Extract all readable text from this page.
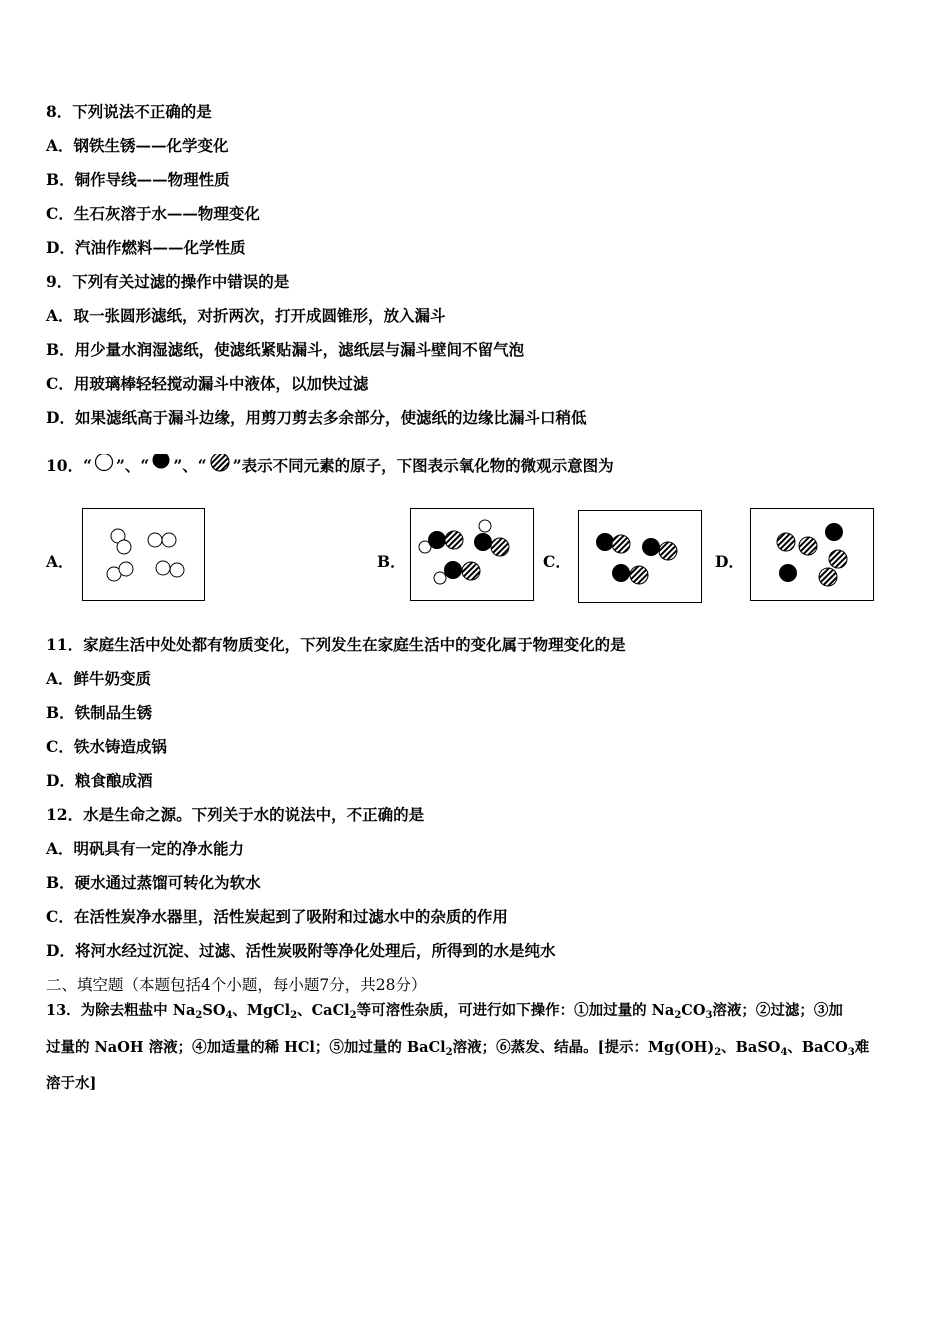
8．下列说法不正确的是
A．钢铁生锈——化学变化
B．铜作导线——物理性质
C．生石灰溶于水——物理变化
D．汽油作燃料——化学性质
9．下列有关过滤的操作中错误的是
A．取一张圆形滤纸，对折两次，打开成圆锥形，放入漏斗
B．用少量水润湿滤纸，使滤纸紧贴漏斗，滤纸层与漏斗壁间不留气泡
C．用玻璃棒轻轻搅动漏斗中液体，以加快过滤
D．如果滤纸高于漏斗边缘，用剪刀剪去多余部分，使滤纸的边缘比漏斗口稍低
10．“ ”、“ ”、“ ”表示不同元素的原子，下图表示氧化物的微观示意图为
A．	B．	C．	D．
11．家庭生活中处处都有物质变化，下列发生在家庭生活中的变化属于物理变化的是
A．鲜牛奶变质
B．铁制品生锈
C．铁水铸造成锅
D．粮食酿成酒
12．水是生命之源。下列关于水的说法中，不正确的是
A．明矾具有一定的净水能力
B．硬水通过蒸馏可转化为软水
C．在活性炭净水器里，活性炭起到了吸附和过滤水中的杂质的作用
D．将河水经过沉淀、过滤、活性炭吸附等净化处理后，所得到的水是纯水
二、填空题（本题包括4个小题，每小题7分，共28分）
13．为除去粗盐中 $Na_2SO_4$、MgCl$_2$、CaCl$_2$等可溶性杂质，可进行如下操作：①加过量的 $Na_2CO_3$溶液；②过滤；③加
过量的 NaOH 溶液；④加适量的稀 HCl；⑤加过量的 BaCl$_2$溶液；⑥蒸发、结晶。[提示：$Mg(OH)_2$、BaSO$_4$、BaCO$_3$难
溶于水]
